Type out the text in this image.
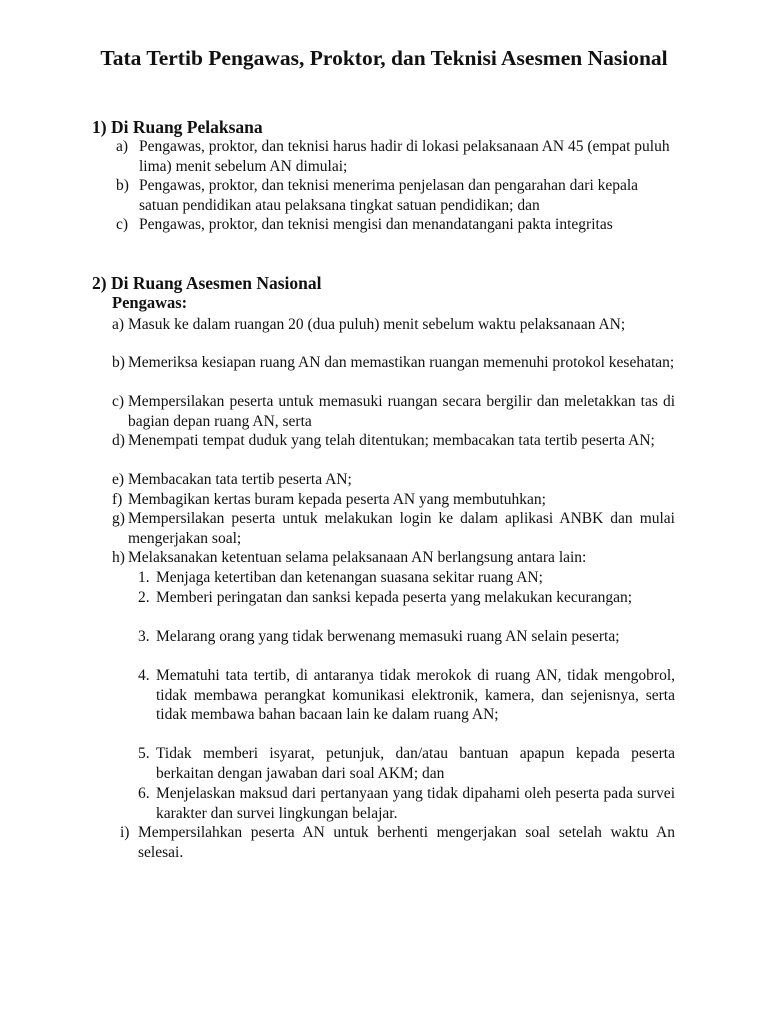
Tata Tertib Pengawas, Proktor, dan Teknisi Asesmen Nasional
1) Di Ruang Pelaksana
a) Pengawas, proktor, dan teknisi harus hadir di lokasi pelaksanaan AN 45 (empat puluh lima) menit sebelum AN dimulai;
b) Pengawas, proktor, dan teknisi menerima penjelasan dan pengarahan dari kepala satuan pendidikan atau pelaksana tingkat satuan pendidikan; dan
c) Pengawas, proktor, dan teknisi mengisi dan menandatangani pakta integritas
2) Di Ruang Asesmen Nasional
Pengawas:
a) Masuk ke dalam ruangan 20 (dua puluh) menit sebelum waktu pelaksanaan AN;
b) Memeriksa kesiapan ruang AN dan memastikan ruangan memenuhi protokol kesehatan;
c) Mempersilakan peserta untuk memasuki ruangan secara bergilir dan meletakkan tas di bagian depan ruang AN, serta
d) Menempati tempat duduk yang telah ditentukan; membacakan tata tertib peserta AN;
e) Membacakan tata tertib peserta AN;
f) Membagikan kertas buram kepada peserta AN yang membutuhkan;
g) Mempersilakan peserta untuk melakukan login ke dalam aplikasi ANBK dan mulai mengerjakan soal;
h) Melaksanakan ketentuan selama pelaksanaan AN berlangsung antara lain:
1. Menjaga ketertiban dan ketenangan suasana sekitar ruang AN;
2. Memberi peringatan dan sanksi kepada peserta yang melakukan kecurangan;
3. Melarang orang yang tidak berwenang memasuki ruang AN selain peserta;
4. Mematuhi tata tertib, di antaranya tidak merokok di ruang AN, tidak mengobrol, tidak membawa perangkat komunikasi elektronik, kamera, dan sejenisnya, serta tidak membawa bahan bacaan lain ke dalam ruang AN;
5. Tidak memberi isyarat, petunjuk, dan/atau bantuan apapun kepada peserta berkaitan dengan jawaban dari soal AKM; dan
6. Menjelaskan maksud dari pertanyaan yang tidak dipahami oleh peserta pada survei karakter dan survei lingkungan belajar.
i) Mempersilahkan peserta AN untuk berhenti mengerjakan soal setelah waktu An selesai.
